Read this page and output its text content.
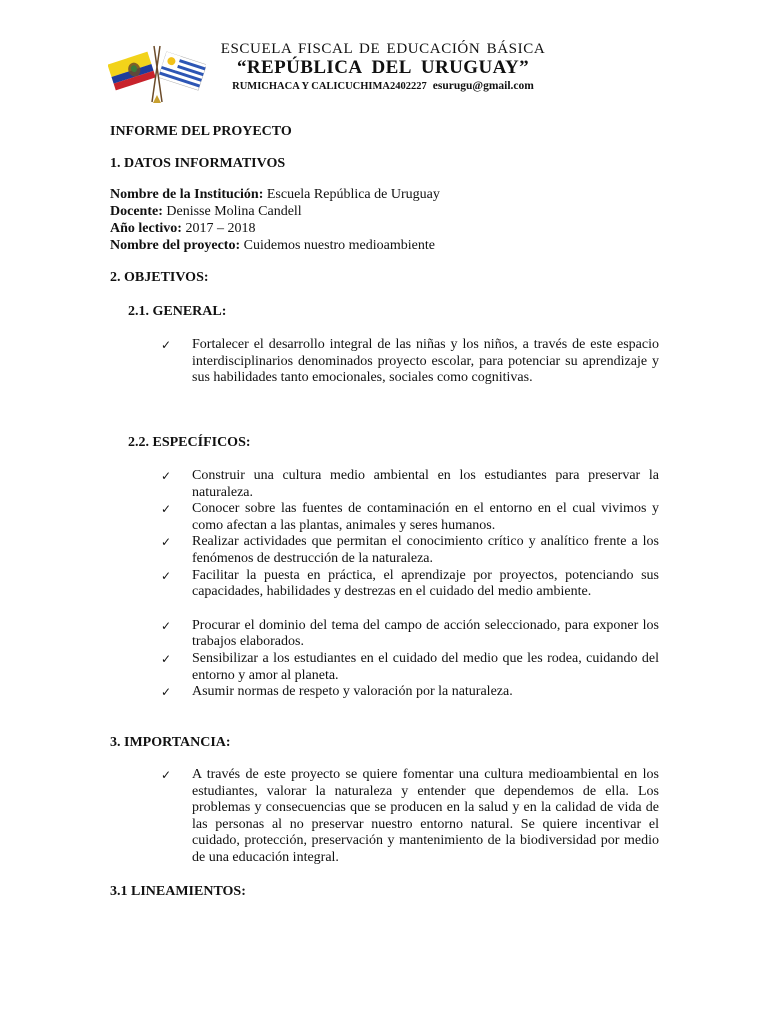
ESCUELA FISCAL DE EDUCACIÓN BÁSICA
“REPÚBLICA DEL URUGUAY”
RUMICHACA Y CALICUCHIMA2402227 esurugu@gmail.com
INFORME DEL PROYECTO
1. DATOS INFORMATIVOS
Nombre de la Institución: Escuela República de Uruguay
Docente: Denisse Molina Candell
Año lectivo: 2017 – 2018
Nombre del proyecto: Cuidemos nuestro medioambiente
2. OBJETIVOS:
2.1. GENERAL:
✓ Fortalecer el desarrollo integral de las niñas y los niños, a través de este espacio interdisciplinarios denominados proyecto escolar, para potenciar su aprendizaje y sus habilidades tanto emocionales, sociales como cognitivas.
2.2. ESPECÍFICOS:
✓ Construir una cultura medio ambiental en los estudiantes para preservar la naturaleza.
✓ Conocer sobre las fuentes de contaminación en el entorno en el cual vivimos y como afectan a las plantas, animales y seres humanos.
✓ Realizar actividades que permitan el conocimiento crítico y analítico frente a los fenómenos de destrucción de la naturaleza.
✓ Facilitar la puesta en práctica, el aprendizaje por proyectos, potenciando sus capacidades, habilidades y destrezas en el cuidado del medio ambiente.
✓ Procurar el dominio del tema del campo de acción seleccionado, para exponer los trabajos elaborados.
✓ Sensibilizar a los estudiantes en el cuidado del medio que les rodea, cuidando del entorno y amor al planeta.
✓ Asumir normas de respeto y valoración por la naturaleza.
3. IMPORTANCIA:
✓ A través de este proyecto se quiere fomentar una cultura medioambiental en los estudiantes, valorar la naturaleza y entender que dependemos de ella. Los problemas y consecuencias que se producen en la salud y en la calidad de vida de las personas al no preservar nuestro entorno natural. Se quiere incentivar el cuidado, protección, preservación y mantenimiento de la biodiversidad por medio de una educación integral.
3.1 LINEAMIENTOS:
